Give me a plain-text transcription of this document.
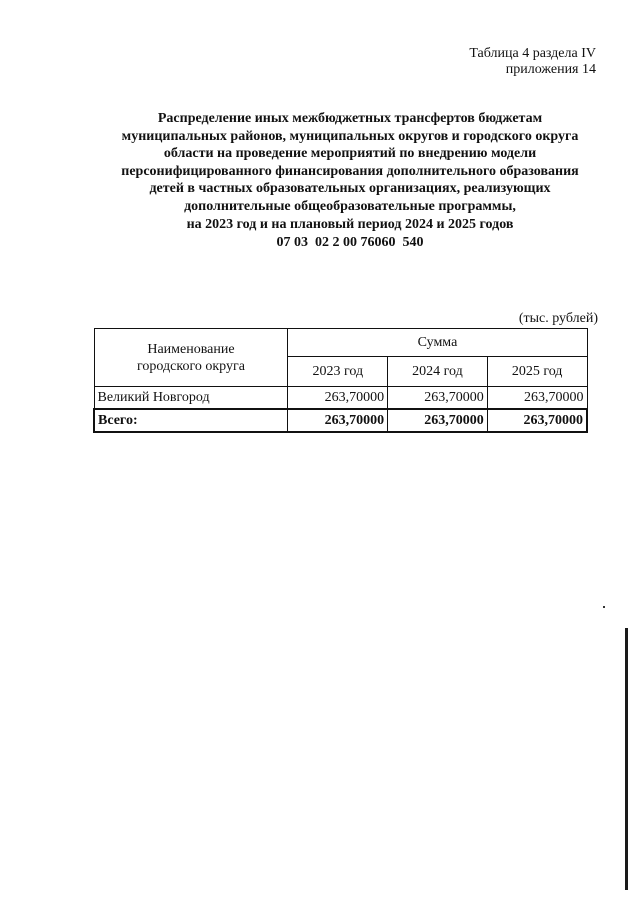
Таблица 4 раздела IV
приложения 14
Распределение иных межбюджетных трансфертов бюджетам
муниципальных районов, муниципальных округов и городского округа
области на проведение мероприятий по внедрению модели
персонифицированного финансирования дополнительного образования
детей в частных образовательных организациях, реализующих
дополнительные общеобразовательные программы,
на 2023 год и на плановый период 2024 и 2025 годов
07 03  02 2 00 76060  540
(тыс. рублей)
Наименование
городского округа	Сумма		
	2023 год	2024 год	2025 год
Великий Новгород	263,70000	263,70000	263,70000
Всего:	263,70000	263,70000	263,70000
